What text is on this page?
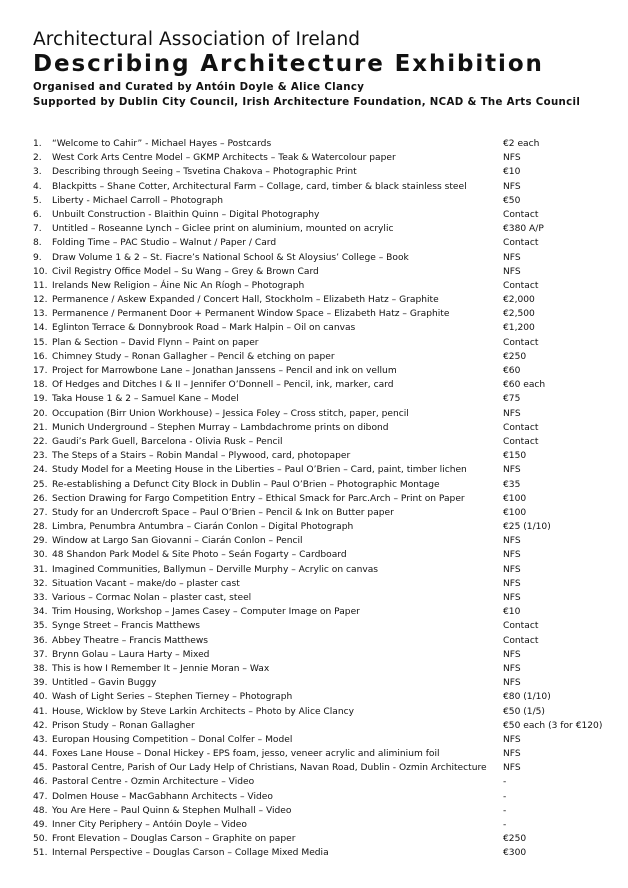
Architectural Association of Ireland
Describing Architecture Exhibition
Organised and Curated by Antóin Doyle & Alice Clancy
Supported by Dublin City Council, Irish Architecture Foundation, NCAD & The Arts Council
1. “Welcome to Cahir” - Michael Hayes – Postcards	€2 each
2. West Cork Arts Centre Model – GKMP Architects – Teak & Watercolour paper	NFS
3. Describing through Seeing – Tsvetina Chakova – Photographic Print	€10
4. Blackpitts – Shane Cotter, Architectural Farm – Collage, card, timber & black stainless steel	NFS
5. Liberty - Michael Carroll – Photograph	€50
6. Unbuilt Construction - Blaithin Quinn – Digital Photography	Contact
7. Untitled – Roseanne Lynch – Giclee print on aluminium, mounted on acrylic	€380 A/P
8. Folding Time – PAC Studio – Walnut / Paper / Card	Contact
9. Draw Volume 1 & 2 – St. Fiacre’s National School & St Aloysius’ College – Book	NFS
10. Civil Registry Office Model – Su Wang – Grey & Brown Card	NFS
11. Irelands New Religion – Áine Nic An Ríogh – Photograph	Contact
12. Permanence / Askew Expanded / Concert Hall, Stockholm – Elizabeth Hatz – Graphite	€2,000
13. Permanence / Permanent Door + Permanent Window Space – Elizabeth Hatz – Graphite	€2,500
14. Eglinton Terrace & Donnybrook Road – Mark Halpin – Oil on canvas	€1,200
15. Plan & Section – David Flynn – Paint on paper	Contact
16. Chimney Study – Ronan Gallagher – Pencil & etching on paper	€250
17. Project for Marrowbone Lane – Jonathan Janssens – Pencil and ink on vellum	€60
18. Of Hedges and Ditches I & II – Jennifer O’Donnell – Pencil, ink, marker, card	€60 each
19. Taka House 1 & 2 – Samuel Kane – Model	€75
20. Occupation (Birr Union Workhouse) – Jessica Foley – Cross stitch, paper, pencil	NFS
21. Munich Underground – Stephen Murray – Lambdachrome prints on dibond	Contact
22. Gaudi’s Park Guell, Barcelona - Olivia Rusk – Pencil	Contact
23. The Steps of a Stairs – Robin Mandal – Plywood, card, photopaper	€150
24. Study Model for a Meeting House in the Liberties – Paul O’Brien – Card, paint, timber lichen	NFS
25. Re-establishing a Defunct City Block in Dublin – Paul O’Brien – Photographic Montage	€35
26. Section Drawing for Fargo Competition Entry – Ethical Smack for Parc.Arch – Print on Paper	€100
27. Study for an Undercroft Space – Paul O’Brien – Pencil & Ink on Butter paper	€100
28. Limbra, Penumbra Antumbra – Ciarán Conlon – Digital Photograph	€25 (1/10)
29. Window at Largo San Giovanni – Ciarán Conlon – Pencil	NFS
30. 48 Shandon Park Model & Site Photo – Seán Fogarty – Cardboard	NFS
31. Imagined Communities, Ballymun – Derville Murphy – Acrylic on canvas	NFS
32. Situation Vacant – make/do – plaster cast	NFS
33. Various – Cormac Nolan – plaster cast, steel	NFS
34. Trim Housing, Workshop – James Casey – Computer Image on Paper	€10
35. Synge Street – Francis Matthews	Contact
36. Abbey Theatre – Francis Matthews	Contact
37. Brynn Golau – Laura Harty – Mixed	NFS
38. This is how I Remember It – Jennie Moran – Wax	NFS
39. Untitled – Gavin Buggy	NFS
40. Wash of Light Series – Stephen Tierney – Photograph	€80 (1/10)
41. House, Wicklow by Steve Larkin Architects – Photo by Alice Clancy	€50 (1/5)
42. Prison Study – Ronan Gallagher	€50 each (3 for €120)
43. Europan Housing Competition – Donal Colfer – Model	NFS
44. Foxes Lane House – Donal Hickey - EPS foam, jesso, veneer acrylic and aliminium foil	NFS
45. Pastoral Centre, Parish of Our Lady Help of Christians, Navan Road, Dublin - Ozmin Architecture NFS
46. Pastoral Centre - Ozmin Architecture – Video	-
47. Dolmen House – MacGabhann Architects – Video	-
48. You Are Here – Paul Quinn & Stephen Mulhall – Video	-
49. Inner City Periphery – Antóin Doyle – Video	-
50. Front Elevation – Douglas Carson – Graphite on paper	€250
51. Internal Perspective – Douglas Carson – Collage Mixed Media	€300
